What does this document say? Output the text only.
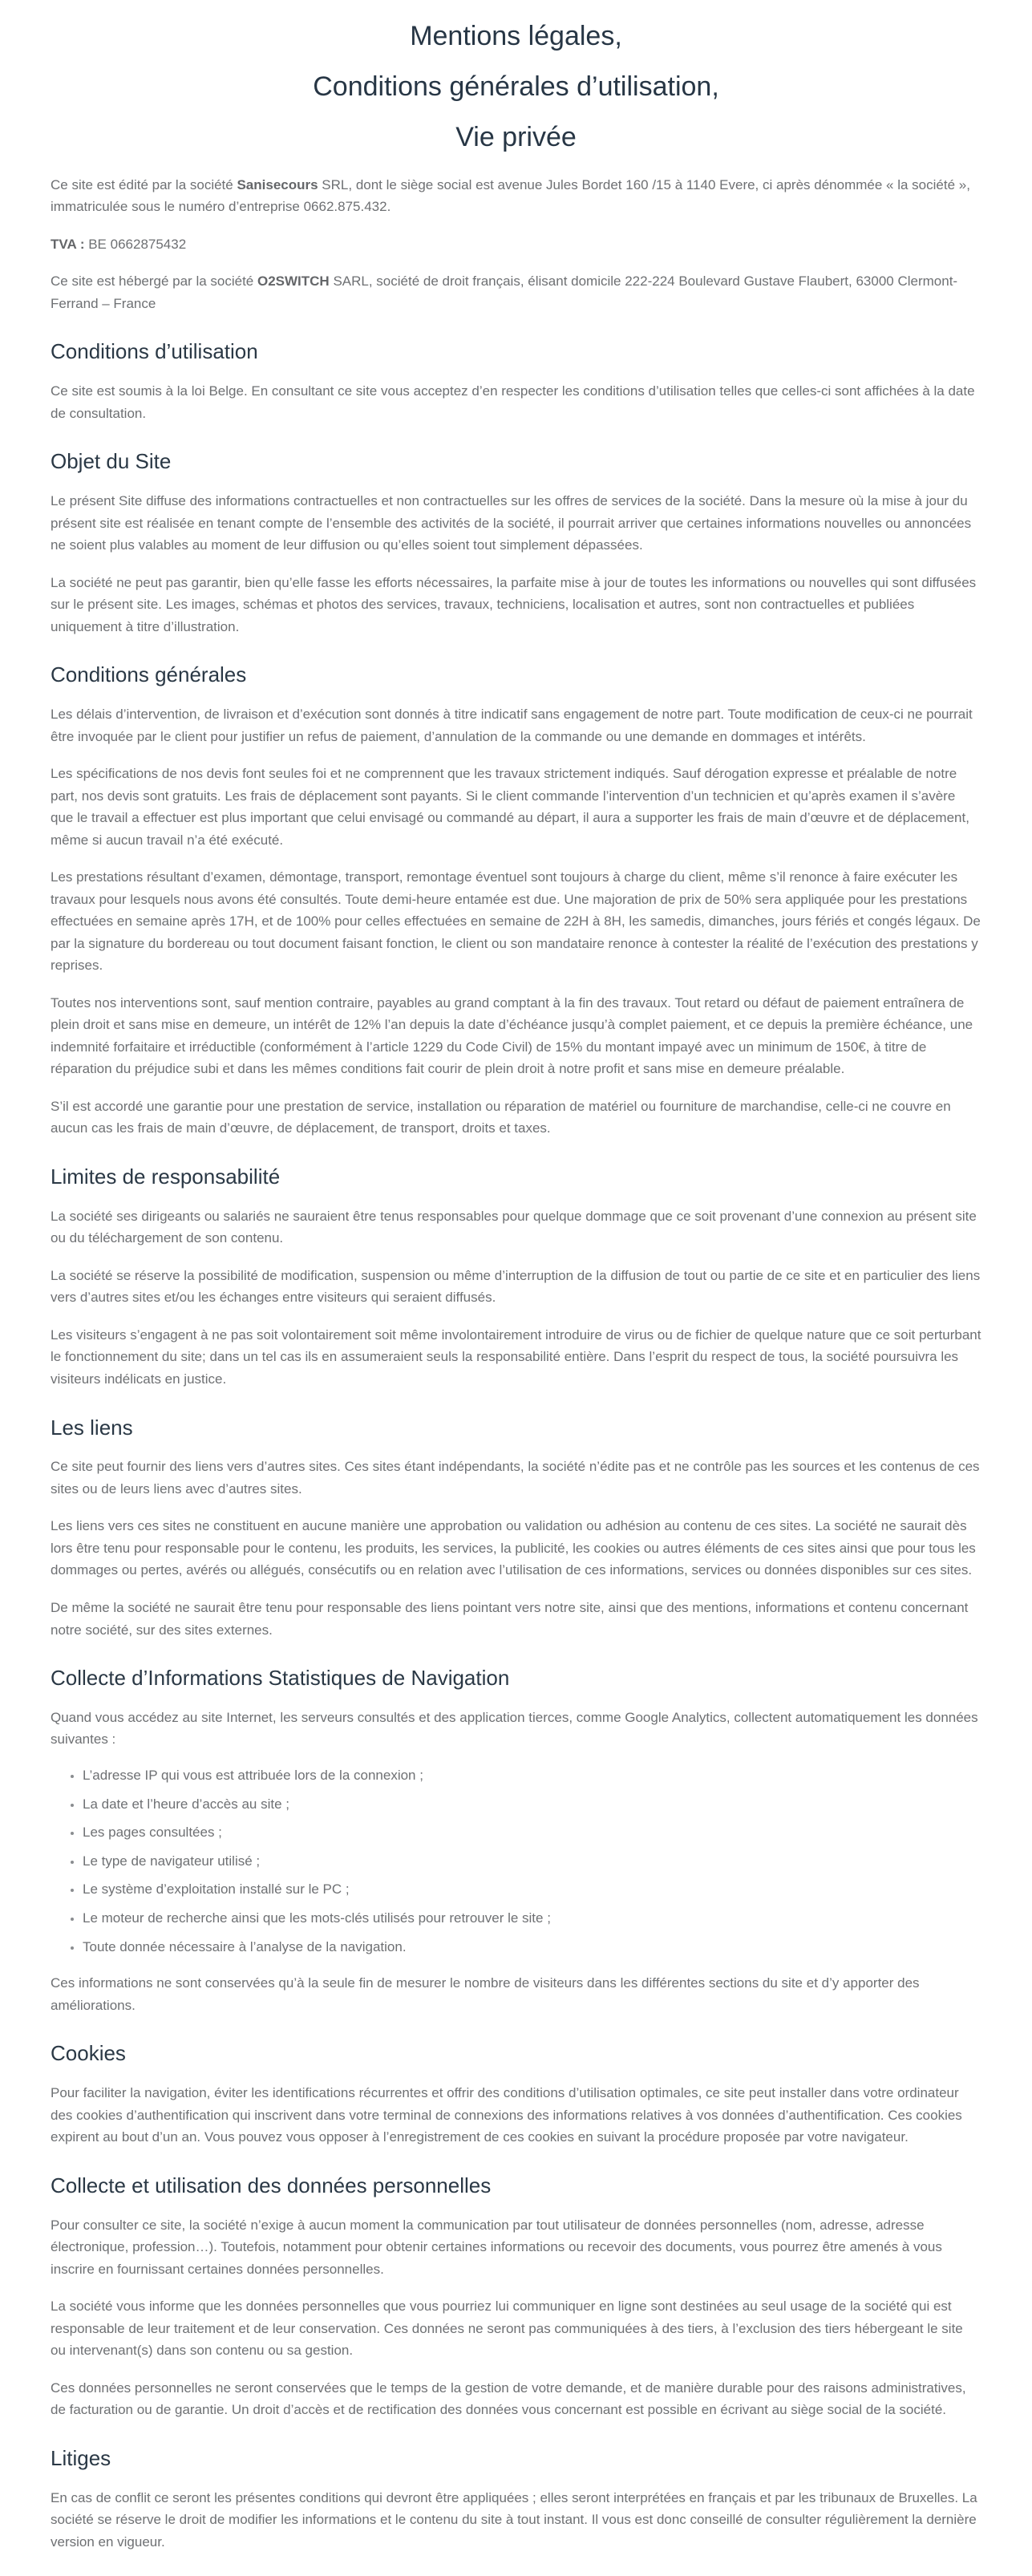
Mentions légales,
Conditions générales d’utilisation,
Vie privée

Ce site est édité par la société Sanisecours SRL, dont le siège social est avenue Jules Bordet 160 /15 à 1140 Evere, ci après dénommée « la société », immatriculée sous le numéro d’entreprise 0662.875.432.

TVA : BE 0662875432

Ce site est hébergé par la société O2SWITCH SARL, société de droit français, élisant domicile 222-224 Boulevard Gustave Flaubert, 63000 Clermont-Ferrand – France

Conditions d’utilisation

Ce site est soumis à la loi Belge. En consultant ce site vous acceptez d’en respecter les conditions d’utilisation telles que celles-ci sont affichées à la date de consultation.

Objet du Site

Le présent Site diffuse des informations contractuelles et non contractuelles sur les offres de services de la société. Dans la mesure où la mise à jour du présent site est réalisée en tenant compte de l’ensemble des activités de la société, il pourrait arriver que certaines informations nouvelles ou annoncées ne soient plus valables au moment de leur diffusion ou qu’elles soient tout simplement dépassées.

La société ne peut pas garantir, bien qu’elle fasse les efforts nécessaires, la parfaite mise à jour de toutes les informations ou nouvelles qui sont diffusées sur le présent site. Les images, schémas et photos des services, travaux, techniciens, localisation et autres, sont non contractuelles et publiées uniquement à titre d’illustration.

Conditions générales

Les délais d’intervention, de livraison et d’exécution sont donnés à titre indicatif sans engagement de notre part. Toute modification de ceux-ci ne pourrait être invoquée par le client pour justifier un refus de paiement, d’annulation de la commande ou une demande en dommages et intérêts.

Les spécifications de nos devis font seules foi et ne comprennent que les travaux strictement indiqués. Sauf dérogation expresse et préalable de notre part, nos devis sont gratuits. Les frais de déplacement sont payants. Si le client commande l’intervention d’un technicien et qu’après examen il s’avère que le travail a effectuer est plus important que celui envisagé ou commandé au départ, il aura a supporter les frais de main d’œuvre et de déplacement, même si aucun travail n’a été exécuté.

Les prestations résultant d’examen, démontage, transport, remontage éventuel sont toujours à charge du client, même s’il renonce à faire exécuter les travaux pour lesquels nous avons été consultés. Toute demi-heure entamée est due. Une majoration de prix de 50% sera appliquée pour les prestations effectuées en semaine après 17H, et de 100% pour celles effectuées en semaine de 22H à 8H, les samedis, dimanches, jours fériés et congés légaux. De par la signature du bordereau ou tout document faisant fonction, le client ou son mandataire renonce à contester la réalité de l’exécution des prestations y reprises.

Toutes nos interventions sont, sauf mention contraire, payables au grand comptant à la fin des travaux. Tout retard ou défaut de paiement entraînera de plein droit et sans mise en demeure, un intérêt de 12% l’an depuis la date d’échéance jusqu’à complet paiement, et ce depuis la première échéance, une indemnité forfaitaire et irréductible (conformément à l’article 1229 du Code Civil) de 15% du montant impayé avec un minimum de 150€, à titre de réparation du préjudice subi et dans les mêmes conditions fait courir de plein droit à notre profit et sans mise en demeure préalable.

S’il est accordé une garantie pour une prestation de service, installation ou réparation de matériel ou fourniture de marchandise, celle-ci ne couvre en aucun cas les frais de main d’œuvre, de déplacement, de transport, droits et taxes.

Limites de responsabilité

La société ses dirigeants ou salariés ne sauraient être tenus responsables pour quelque dommage que ce soit provenant d’une connexion au présent site ou du téléchargement de son contenu.

La société se réserve la possibilité de modification, suspension ou même d’interruption de la diffusion de tout ou partie de ce site et en particulier des liens vers d’autres sites et/ou les échanges entre visiteurs qui seraient diffusés.

Les visiteurs s’engagent à ne pas soit volontairement soit même involontairement introduire de virus ou de fichier de quelque nature que ce soit perturbant le fonctionnement du site; dans un tel cas ils en assumeraient seuls la responsabilité entière. Dans l’esprit du respect de tous, la société poursuivra les visiteurs indélicats en justice.

Les liens

Ce site peut fournir des liens vers d’autres sites. Ces sites étant indépendants, la société n’édite pas et ne contrôle pas les sources et les contenus de ces sites ou de leurs liens avec d’autres sites.

Les liens vers ces sites ne constituent en aucune manière une approbation ou validation ou adhésion au contenu de ces sites. La société ne saurait dès lors être tenu pour responsable pour le contenu, les produits, les services, la publicité, les cookies ou autres éléments de ces sites ainsi que pour tous les dommages ou pertes, avérés ou allégués, consécutifs ou en relation avec l’utilisation de ces informations, services ou données disponibles sur ces sites.

De même la société ne saurait être tenu pour responsable des liens pointant vers notre site, ainsi que des mentions, informations et contenu concernant notre société, sur des sites externes.

Collecte d’Informations Statistiques de Navigation

Quand vous accédez au site Internet, les serveurs consultés et des application tierces, comme Google Analytics, collectent automatiquement les données suivantes :

• L’adresse IP qui vous est attribuée lors de la connexion ;
• La date et l’heure d’accès au site ;
• Les pages consultées ;
• Le type de navigateur utilisé ;
• Le système d’exploitation installé sur le PC ;
• Le moteur de recherche ainsi que les mots-clés utilisés pour retrouver le site ;
• Toute donnée nécessaire à l’analyse de la navigation.

Ces informations ne sont conservées qu’à la seule fin de mesurer le nombre de visiteurs dans les différentes sections du site et d’y apporter des améliorations.

Cookies

Pour faciliter la navigation, éviter les identifications récurrentes et offrir des conditions d’utilisation optimales, ce site peut installer dans votre ordinateur des cookies d’authentification qui inscrivent dans votre terminal de connexions des informations relatives à vos données d’authentification. Ces cookies expirent au bout d’un an. Vous pouvez vous opposer à l’enregistrement de ces cookies en suivant la procédure proposée par votre navigateur.

Collecte et utilisation des données personnelles

Pour consulter ce site, la société n’exige à aucun moment la communication par tout utilisateur de données personnelles (nom, adresse, adresse électronique, profession…). Toutefois, notamment pour obtenir certaines informations ou recevoir des documents, vous pourrez être amenés à vous inscrire en fournissant certaines données personnelles.

La société vous informe que les données personnelles que vous pourriez lui communiquer en ligne sont destinées au seul usage de la société qui est responsable de leur traitement et de leur conservation. Ces données ne seront pas communiquées à des tiers, à l’exclusion des tiers hébergeant le site ou intervenant(s) dans son contenu ou sa gestion.

Ces données personnelles ne seront conservées que le temps de la gestion de votre demande, et de manière durable pour des raisons administratives, de facturation ou de garantie. Un droit d’accès et de rectification des données vous concernant est possible en écrivant au siège social de la société.

Litiges

En cas de conflit ce seront les présentes conditions qui devront être appliquées ; elles seront interprétées en français et par les tribunaux de Bruxelles. La société se réserve le droit de modifier les informations et le contenu du site à tout instant. Il vous est donc conseillé de consulter régulièrement la dernière version en vigueur.
